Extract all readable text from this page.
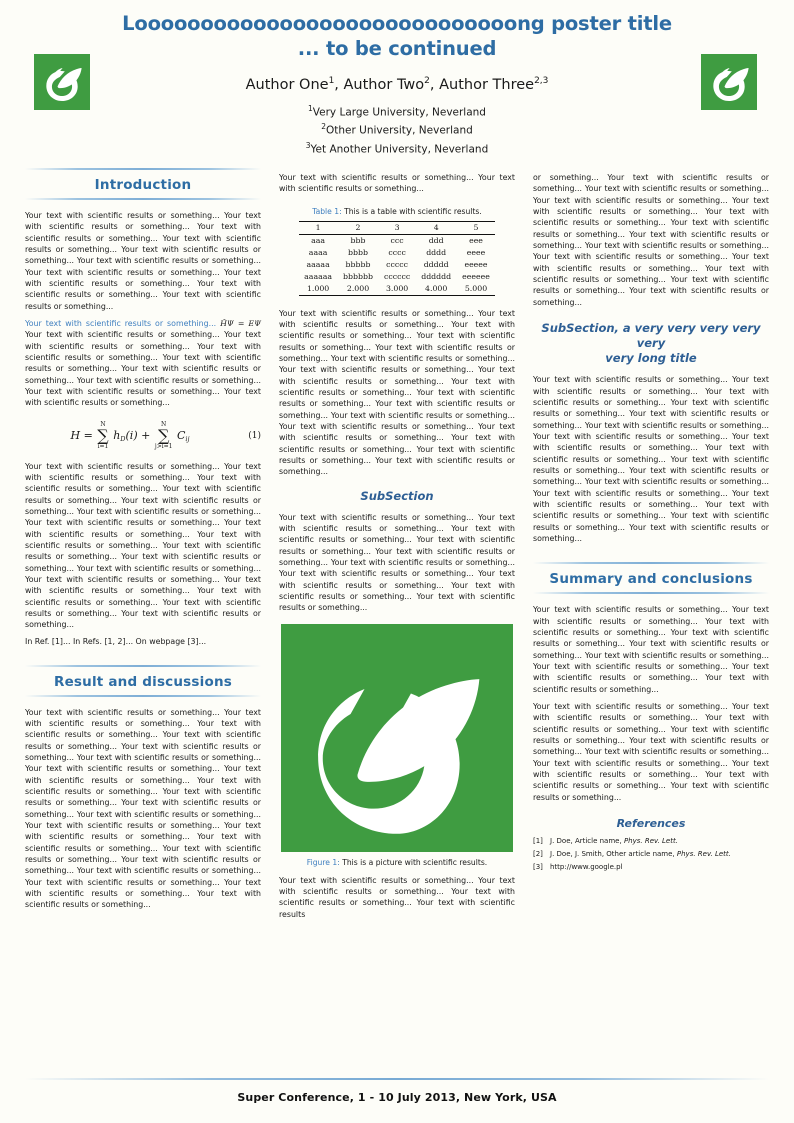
Looooooooooooooooooooooooooooong poster title
... to be continued
Author One$^1$, Author Two$^2$, Author Three$^{2,3}$
$^1$Very Large University, Neverland
$^2$Other University, Neverland
$^3$Yet Another University, Neverland
Introduction

Your text with scientific results or something... Your text with scientific results or something... Your text with scientific results or something... Your text with scientific results or something... Your text with scientific results or something... Your text with scientific results or something... Your text with scientific results or something... Your text with scientific results or something... Your text with scientific results or something... Your text with scientific results or something...

Your text with scientific results or something... ĤΨ = EΨ Your text with scientific results or something... Your text with scientific results or something... Your text with scientific results or something... Your text with scientific results or something... Your text with scientific results or something... Your text with scientific results or something... Your text with scientific results or something... Your text with scientific results or something...

H =
N
∑
i=1
hD(i) +
N
∑
j>i=1
Cij	(1)

Your text with scientific results or something... Your text with scientific results or something... Your text with scientific results or something... Your text with scientific results or something... Your text with scientific results or something... Your text with scientific results or something... Your text with scientific results or something... Your text with scientific results or something... Your text with scientific results or something... Your text with scientific results or something... Your text with scientific results or something... Your text with scientific results or something... Your text with scientific results or something... Your text with scientific results or something... Your text with scientific results or something... Your text with scientific results or something... Your text with scientific results or something...

In Ref. [1]... In Refs. [1, 2]... On webpage [3]...

Result and discussions

Your text with scientific results or something... Your text with scientific results or something... Your text with scientific results or something... Your text with scientific results or something... Your text with scientific results or something... Your text with scientific results or something... Your text with scientific results or something... Your text with scientific results or something... Your text with scientific results or something... Your text with scientific results or something... Your text with scientific results or something... Your text with scientific results or something... Your text with scientific results or something... Your text with scientific results or something... Your text with scientific results or something... Your text with scientific results or something... Your text with scientific results or something... Your text with scientific results or something... Your text with scientific results or something... Your text with scientific results or something... Your text with scientific results or something...

Your text with scientific results or something... Your text with scientific results or something...

Table 1: This is a table with scientific results.
1	2	3	4	5
aaa	bbb	ccc	ddd	eee
aaaa	bbbb	cccc	dddd	eeee
aaaaa	bbbbb	ccccc	ddddd	eeeee
aaaaaa	bbbbbb	cccccc	dddddd	eeeeee
1.000	2.000	3.000	4.000	5.000

Your text with scientific results or something... Your text with scientific results or something... Your text with scientific results or something... Your text with scientific results or something... Your text with scientific results or something... Your text with scientific results or something... Your text with scientific results or something... Your text with scientific results or something... Your text with scientific results or something... Your text with scientific results or something... Your text with scientific results or something... Your text with scientific results or something... Your text with scientific results or something... Your text with scientific results or something... Your text with scientific results or something... Your text with scientific results or something... Your text with scientific results or something...

SubSection

Your text with scientific results or something... Your text with scientific results or something... Your text with scientific results or something... Your text with scientific results or something... Your text with scientific results or something... Your text with scientific results or something... Your text with scientific results or something... Your text with scientific results or something... Your text with scientific results or something... Your text with scientific results or something...

Figure 1: This is a picture with scientific results.

Your text with scientific results or something... Your text with scientific results or something... Your text with scientific results or something... Your text with scientific results

or something... Your text with scientific results or something... Your text with scientific results or something... Your text with scientific results or something... Your text with scientific results or something... Your text with scientific results or something... Your text with scientific results or something... Your text with scientific results or something... Your text with scientific results or something... Your text with scientific results or something... Your text with scientific results or something... Your text with scientific results or something... Your text with scientific results or something... Your text with scientific results or something...

SubSection, a very very very very very
very long title

Your text with scientific results or something... Your text with scientific results or something... Your text with scientific results or something... Your text with scientific results or something... Your text with scientific results or something... Your text with scientific results or something... Your text with scientific results or something... Your text with scientific results or something... Your text with scientific results or something... Your text with scientific results or something... Your text with scientific results or something... Your text with scientific results or something... Your text with scientific results or something... Your text with scientific results or something... Your text with scientific results or something... Your text with scientific results or something... Your text with scientific results or something...

Summary and conclusions

Your text with scientific results or something... Your text with scientific results or something... Your text with scientific results or something... Your text with scientific results or something... Your text with scientific results or something... Your text with scientific results or something... Your text with scientific results or something... Your text with scientific results or something... Your text with scientific results or something...

Your text with scientific results or something... Your text with scientific results or something... Your text with scientific results or something... Your text with scientific results or something... Your text with scientific results or something... Your text with scientific results or something... Your text with scientific results or something... Your text with scientific results or something... Your text with scientific results or something... Your text with scientific results or something...

References
[1]	J. Doe, Article name, Phys. Rev. Lett.
[2]	J. Doe, J. Smith, Other article name, Phys. Rev. Lett.
[3]	http://www.google.pl
Super Conference, 1 - 10 July 2013, New York, USA
